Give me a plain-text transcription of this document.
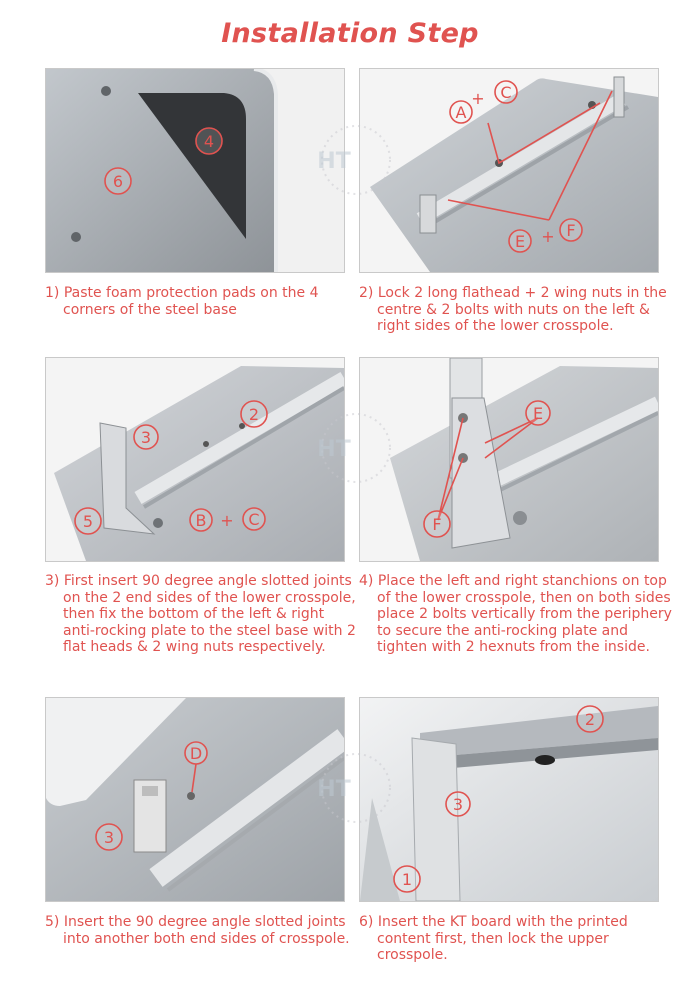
Installation Step
4
6
1) Paste foam protection pads on the 4 corners of the steel base
A
+ C
E + F
2) Lock 2 long flathead + 2 wing nuts in the centre & 2 bolts with nuts on the left & right sides of the lower crosspole.
2
3
5	B + C
3) First insert 90 degree angle slotted joints on the 2 end sides of the lower crosspole, then fix the bottom of the left & right anti-rocking plate to the steel base with 2 flat heads & 2 wing nuts respectively.
E
F
4) Place the left and right stanchions on top of the lower crosspole, then on both sides place 2 bolts vertically from the periphery to secure the anti-rocking plate and tighten with 2 hexnuts from the inside.
D
3
5) Insert the 90 degree angle slotted joints into another both end sides of crosspole.
2
3
1
6) Insert the KT board with the printed content first, then lock the upper crosspole.
HT
HT
HT
